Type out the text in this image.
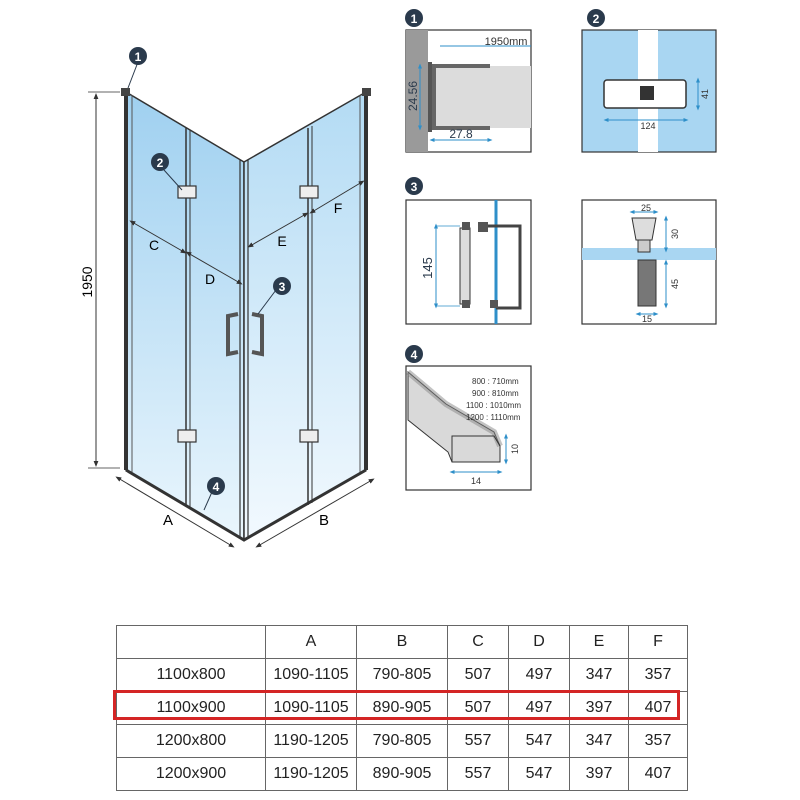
1950
A	B
C
D
E
F
1
2
3
4
1
1950mm
24.56
27.8
2
124
41
3
145
25
30
45
15
4
800 : 710mm
900 : 810mm
1100 : 1010mm
1200 : 1110mm
10
14
	A	B	C	D	E	F
1100x800	1090-1105	790-805	507	497	347	357
1100x900	1090-1105	890-905	507	497	397	407
1200x800	1190-1205	790-805	557	547	347	357
1200x900	1190-1205	890-905	557	547	397	407
